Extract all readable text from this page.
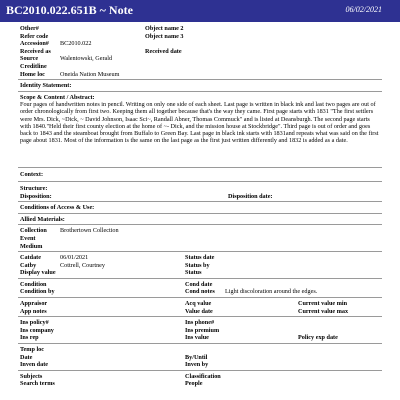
BC2010.022.651B ~ Note	06/02/2021
Other#	Object name 2
Refer code	Object name 3
Accession# BC2010.022
Received as	Received date
Source	Walentowski, Gerald
Creditline
Home loc Oneida Nation Museum
Identity Statement:
Scope & Content / Abstract:
Four pages of handwritten notes in pencil. Writing on only one side of each sheet. Last page is written in black ink and last two pages are out of order chronologically from first two. Keeping them all together because that's the way they came. First page starts with 1831 "The first settlers were Mrs. Dick, ~Dick, ~ David Johnson, Isaac Sci~, Randall Abner, Thomas Commuck" and is listed at Deansburgh. The second page starts with 1840."Held their first county election at the home of ~- Dick, and the mission house at Stockbridge". Third page is out of order and goes back to 1843 and the steamboat brought from Buffalo to Green Bay. Last page in black ink starts with 1831and repeats what was said on the first page about 1831. Most of the information is the same on the last page as the first just written differently and 1832 is added as a date.
Context:
Structure:
Disposition:	Disposition date:
Conditions of Access & Use:
Allied Materials:
Collection Brothertown Collection
Event
Medium
Catdate	06/01/2021	Status date
Catby	Cottrell, Courtney	Status by
Display value	Status
Condition	Cond date
Condition by	Cond notes Light discoloration around the edges.
Appraisor	Acq value	Current value min
App notes	Value date	Current value max
Ins policy#	Ins phone#
Ins company	Ins premium
Ins rep	Ins value	Policy exp date
Temp loc
Date	By/Until
Inven date	Inven by
Subjects	Classification
Search terms	People
